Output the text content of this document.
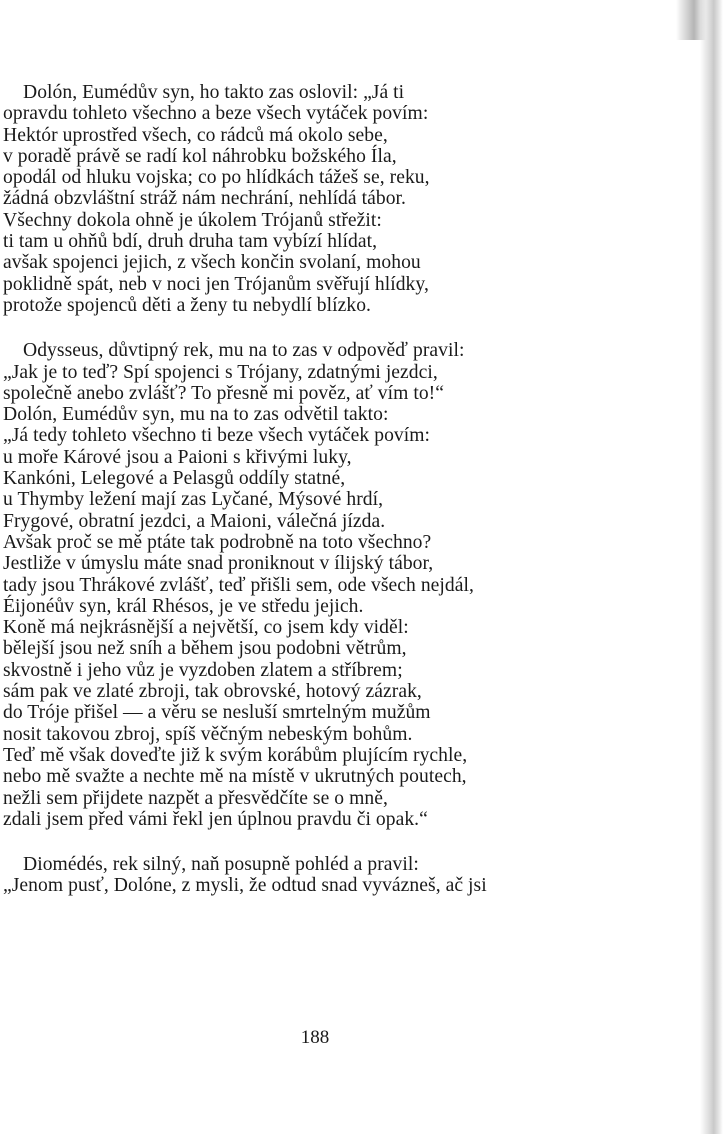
Dolón, Eumédův syn, ho takto zas oslovil: „Já ti
opravdu tohleto všechno a beze všech vytáček povím:
Hektór uprostřed všech, co rádců má okolo sebe,
v poradě právě se radí kol náhrobku božského Íla,
opodál od hluku vojska; co po hlídkách tážeš se, reku,
žádná obzvláštní stráž nám nechrání, nehlídá tábor.
Všechny dokola ohně je úkolem Trójanů střežit:
ti tam u ohňů bdí, druh druha tam vybízí hlídat,
avšak spojenci jejich, z všech končin svolaní, mohou
poklidně spát, neb v noci jen Trójanům svěřují hlídky,
protože spojenců děti a ženy tu nebydlí blízko.
Odysseus, důvtipný rek, mu na to zas v odpověď pravil:
„Jak je to teď? Spí spojenci s Trójany, zdatnými jezdci,
společně anebo zvlášť? To přesně mi pověz, ať vím to!“
Dolón, Eumédův syn, mu na to zas odvětil takto:
„Já tedy tohleto všechno ti beze všech vytáček povím:
u moře Kárové jsou a Paioni s křivými luky,
Kankóni, Lelegové a Pelasgů oddíly statné,
u Thymby ležení mají zas Lyčané, Mýsové hrdí,
Frygové, obratní jezdci, a Maioni, válečná jízda.
Avšak proč se mě ptáte tak podrobně na toto všechno?
Jestliže v úmyslu máte snad proniknout v ílijský tábor,
tady jsou Thrákové zvlášť, teď přišli sem, ode všech nejdál,
Éijonéův syn, král Rhésos, je ve středu jejich.
Koně má nejkrásnější a největší, co jsem kdy viděl:
bělejší jsou než sníh a během jsou podobni větrům,
skvostně i jeho vůz je vyzdoben zlatem a stříbrem;
sám pak ve zlaté zbroji, tak obrovské, hotový zázrak,
do Tróje přišel — a věru se nesluší smrtelným mužům
nosit takovou zbroj, spíš věčným nebeským bohům.
Teď mě však doveďte již k svým korábům plujícím rychle,
nebo mě svažte a nechte mě na místě v ukrutných poutech,
nežli sem přijdete nazpět a přesvědčíte se o mně,
zdali jsem před vámi řekl jen úplnou pravdu či opak.“
Diomédés, rek silný, naň posupně pohléd a pravil:
„Jenom pusť, Dolóne, z mysli, že odtud snad vyvázneš, ač jsi
188
